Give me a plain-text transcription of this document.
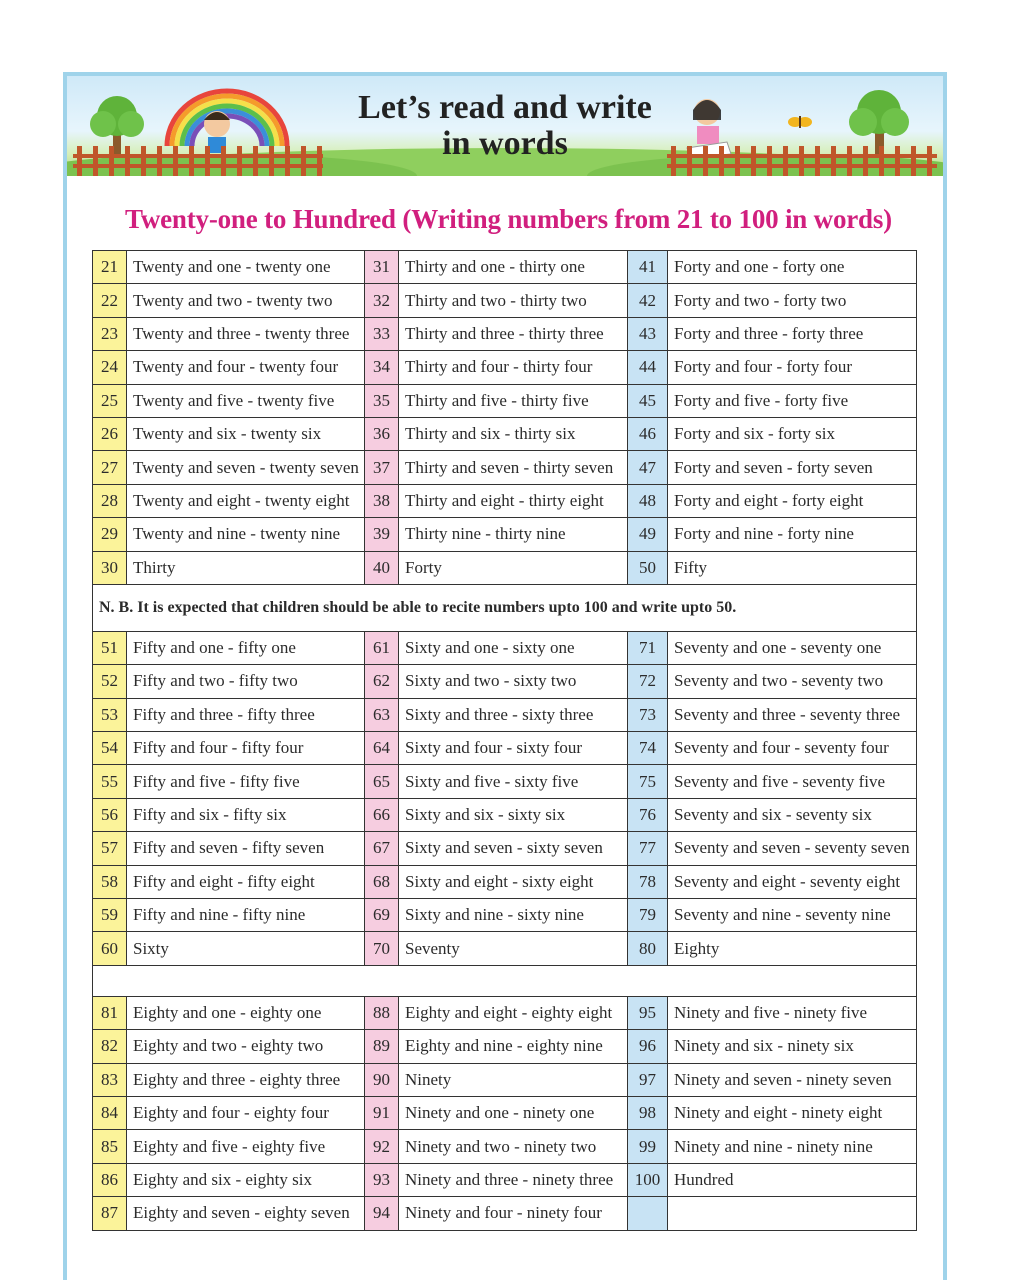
Let’s read and write
in words
Twenty-one to Hundred (Writing numbers from 21 to 100 in words)
21	Twenty and one - twenty one	31	Thirty and one - thirty one	41	Forty and one - forty one
22	Twenty and two - twenty two	32	Thirty and two - thirty two	42	Forty and two - forty two
23	Twenty and three - twenty three	33	Thirty and three - thirty three	43	Forty and three - forty three
24	Twenty and four - twenty four	34	Thirty and four - thirty four	44	Forty and four - forty four
25	Twenty and five - twenty five	35	Thirty and five - thirty five	45	Forty and five - forty five
26	Twenty and six - twenty six	36	Thirty and six - thirty six	46	Forty and six - forty six
27	Twenty and seven - twenty seven	37	Thirty and seven - thirty seven	47	Forty and seven - forty seven
28	Twenty and eight - twenty eight	38	Thirty and eight - thirty eight	48	Forty and eight - forty eight
29	Twenty and nine - twenty nine	39	Thirty nine - thirty nine	49	Forty and nine - forty nine
30	Thirty	40	Forty	50	Fifty
N. B. It is expected that children should be able to recite numbers upto 100 and write upto 50.					
51	Fifty and one - fifty one	61	Sixty and one - sixty one	71	Seventy and one - seventy one
52	Fifty and two - fifty two	62	Sixty and two - sixty two	72	Seventy and two - seventy two
53	Fifty and three - fifty three	63	Sixty and three - sixty three	73	Seventy and three - seventy three
54	Fifty and four - fifty four	64	Sixty and four - sixty four	74	Seventy and four - seventy four
55	Fifty and five - fifty five	65	Sixty and five - sixty five	75	Seventy and five - seventy five
56	Fifty and six - fifty six	66	Sixty and six - sixty six	76	Seventy and six - seventy six
57	Fifty and seven - fifty seven	67	Sixty and seven - sixty seven	77	Seventy and seven - seventy seven
58	Fifty and eight - fifty eight	68	Sixty and eight - sixty eight	78	Seventy and eight - seventy eight
59	Fifty and nine - fifty nine	69	Sixty and nine - sixty nine	79	Seventy and nine - seventy nine
60	Sixty	70	Seventy	80	Eighty

81	Eighty and one - eighty one	88	Eighty and eight - eighty eight	95	Ninety and five - ninety five
82	Eighty and two - eighty two	89	Eighty and nine - eighty nine	96	Ninety and six - ninety six
83	Eighty and three - eighty three	90	Ninety	97	Ninety and seven - ninety seven
84	Eighty and four - eighty four	91	Ninety and one - ninety one	98	Ninety and eight - ninety eight
85	Eighty and five - eighty five	92	Ninety and two - ninety two	99	Ninety and nine - ninety nine
86	Eighty and six - eighty six	93	Ninety and three - ninety three	100	Hundred
87	Eighty and seven - eighty seven	94	Ninety and four - ninety four		
